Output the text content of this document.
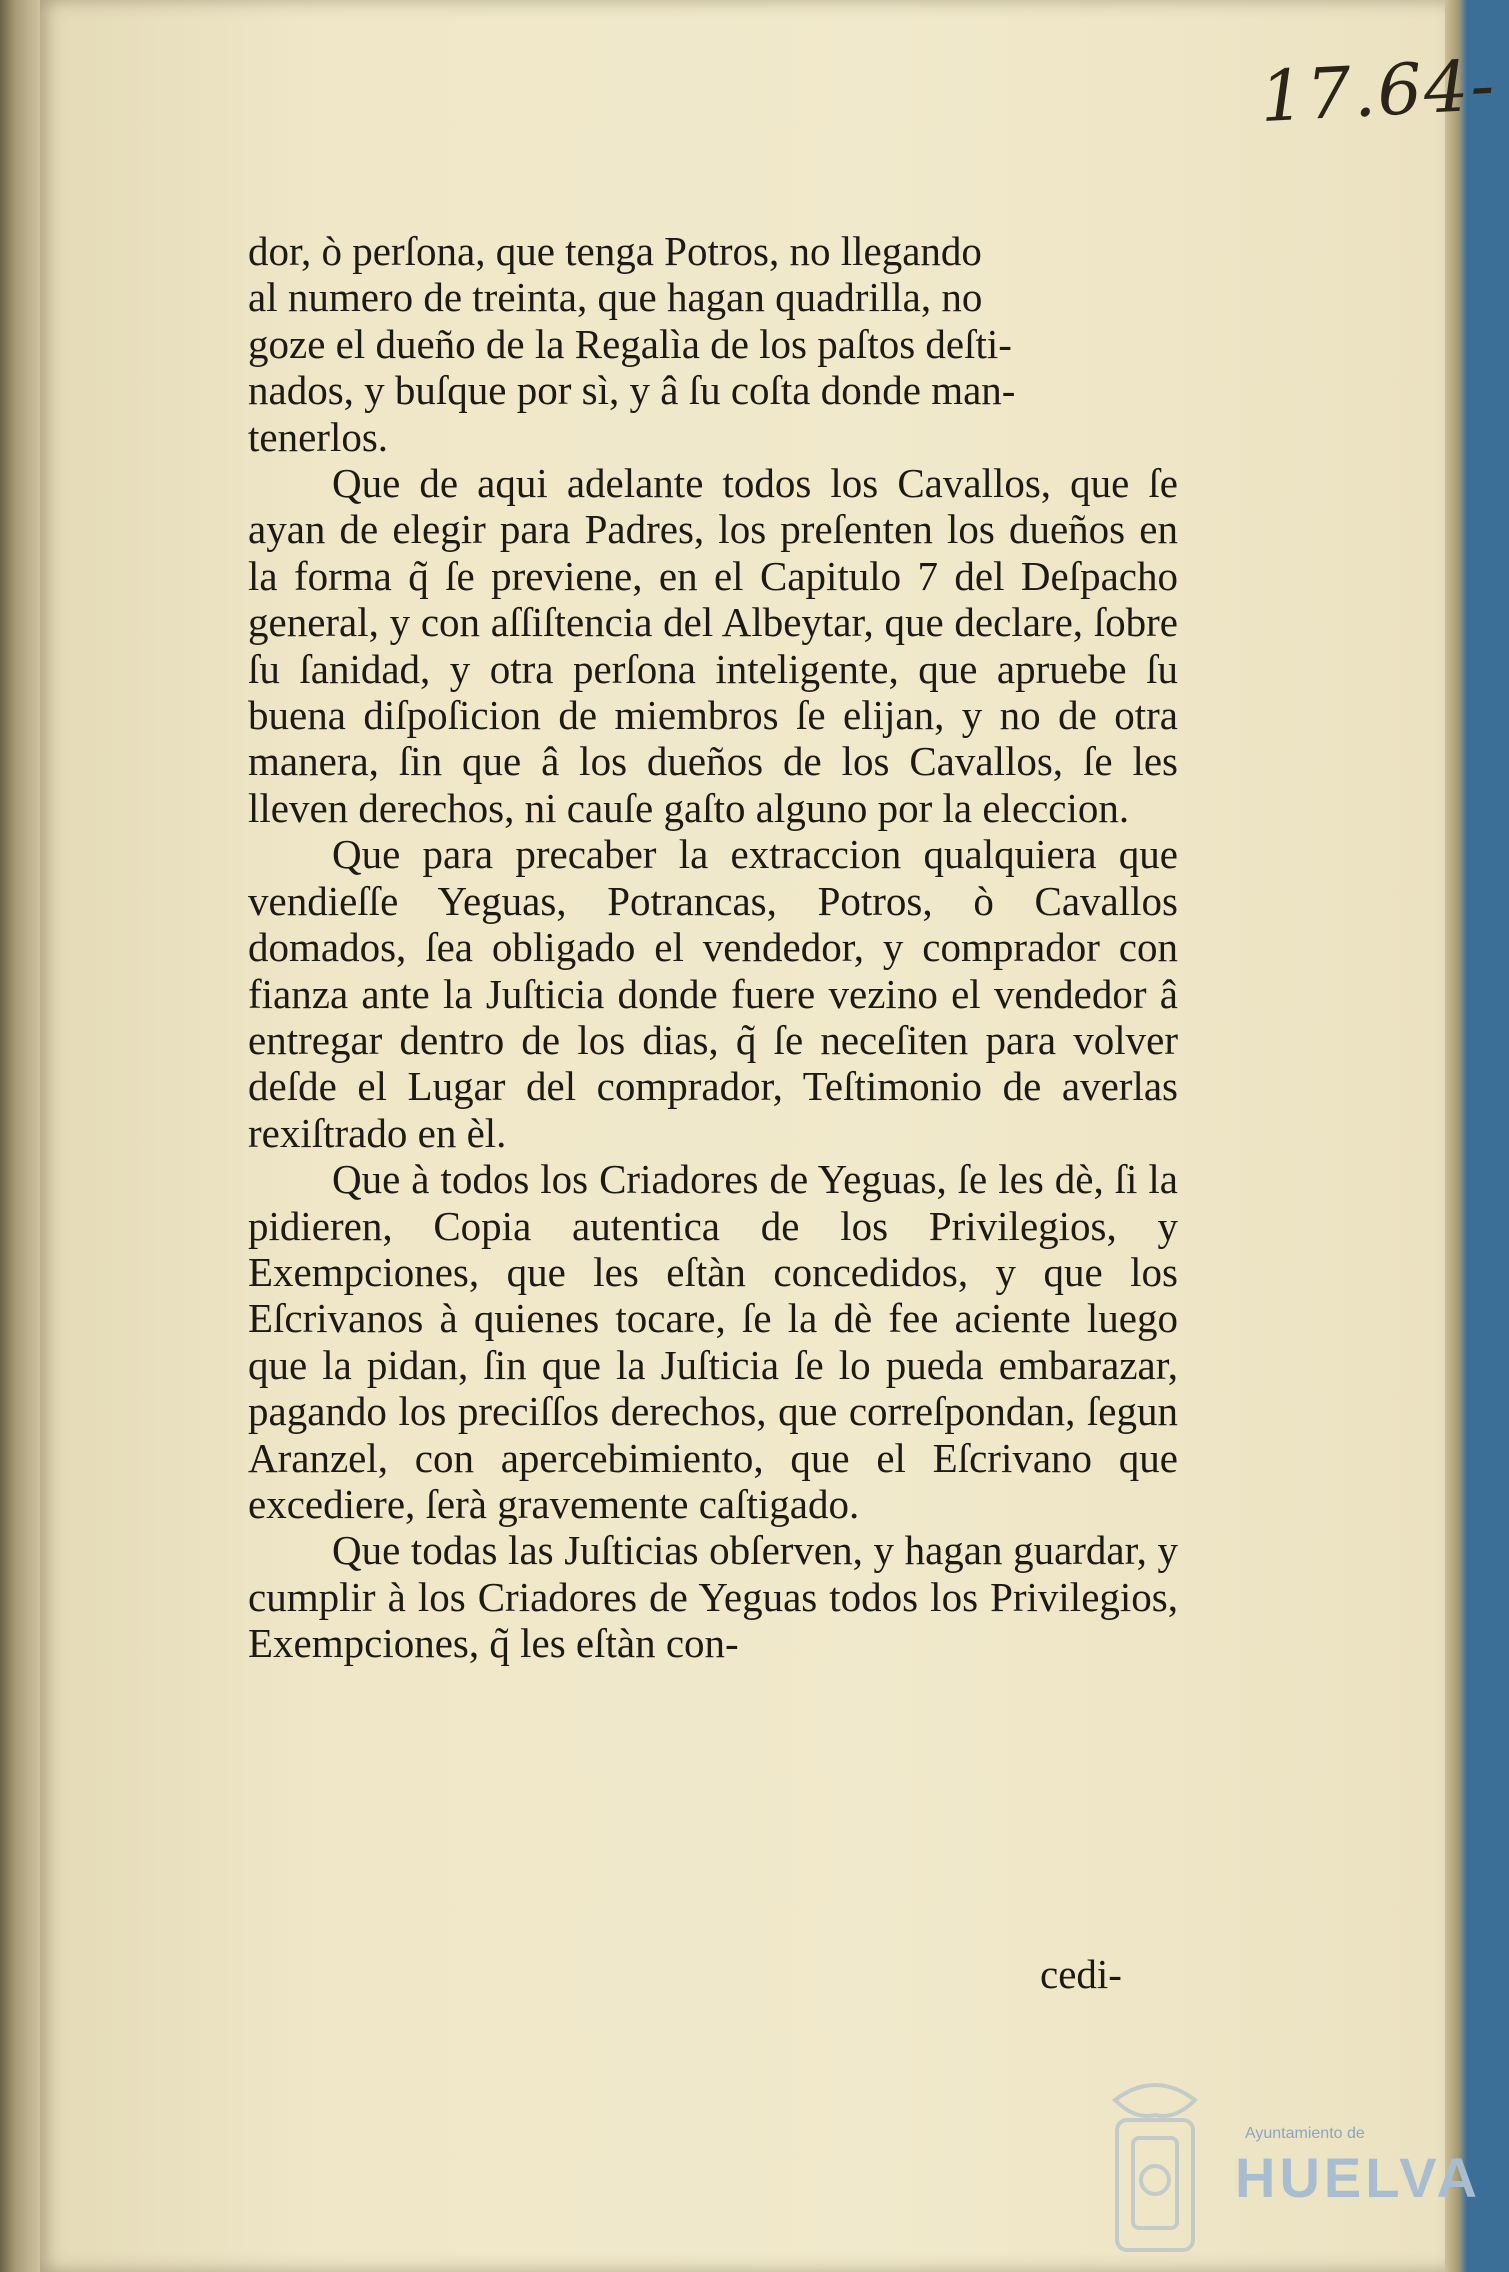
17.64-

dor, ò perſona, que tenga Potros, no llegando

al numero de treinta, que hagan quadrilla, no

goze el dueño de la Regalìa de los paſtos deſti-

nados, y buſque por sì, y â ſu coſta donde man-

tenerlos.

Que de aqui adelante todos los Cavallos, que ſe ayan de elegir para Padres, los preſenten los dueños en la forma q̃ ſe previene, en el Capitulo 7 del Deſpacho general, y con aſſiſtencia del Albeytar, que declare, ſobre ſu ſanidad, y otra perſona inteligente, que apruebe ſu buena diſpoſicion de miembros ſe elijan, y no de otra manera, ſin que â los dueños de los Cavallos, ſe les lleven derechos, ni cauſe gaſto alguno por la eleccion.

Que para precaber la extraccion qualquiera que vendieſſe Yeguas, Potrancas, Potros, ò Cavallos domados, ſea obligado el vendedor, y comprador con fianza ante la Juſticia donde fuere vezino el vendedor â entregar dentro de los dias, q̃ ſe neceſiten para volver deſde el Lugar del comprador, Teſtimonio de averlas rexiſtrado en èl.

Que à todos los Criadores de Yeguas, ſe les dè, ſi la pidieren, Copia autentica de los Privilegios, y Exempciones, que les eſtàn concedidos, y que los Eſcrivanos à quienes tocare, ſe la dè fee aciente luego que la pidan, ſin que la Juſticia ſe lo pueda embarazar, pagando los preciſſos derechos, que correſpondan, ſegun Aranzel, con apercebimiento, que el Eſcrivano que excediere, ſerà gravemente caſtigado.

Que todas las Juſticias obſerven, y hagan guardar, y cumplir à los Criadores de Yeguas todos los Privilegios, Exempciones, q̃ les eſtàn con-

cedi-
Ayuntamiento de
HUELVA
